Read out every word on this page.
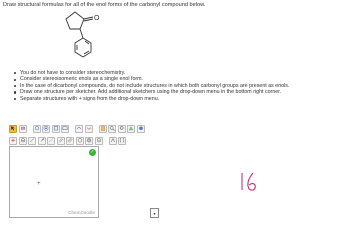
Draw structural formulas for all of the enol forms of the carbonyl compound below.
O
You do not have to consider stereochemistry.
Consider stereoisomeric enols as a single enol form.
In the case of dicarbonyl compounds, do not include structures in which both carbonyl groups are present as enols.
Draw one structure per sketcher. Add additional sketchers using the drop-down menu in the bottom right corner.
Separate structures with + signs from the drop-down menu.
+
✓
ChemDoodle	▾
